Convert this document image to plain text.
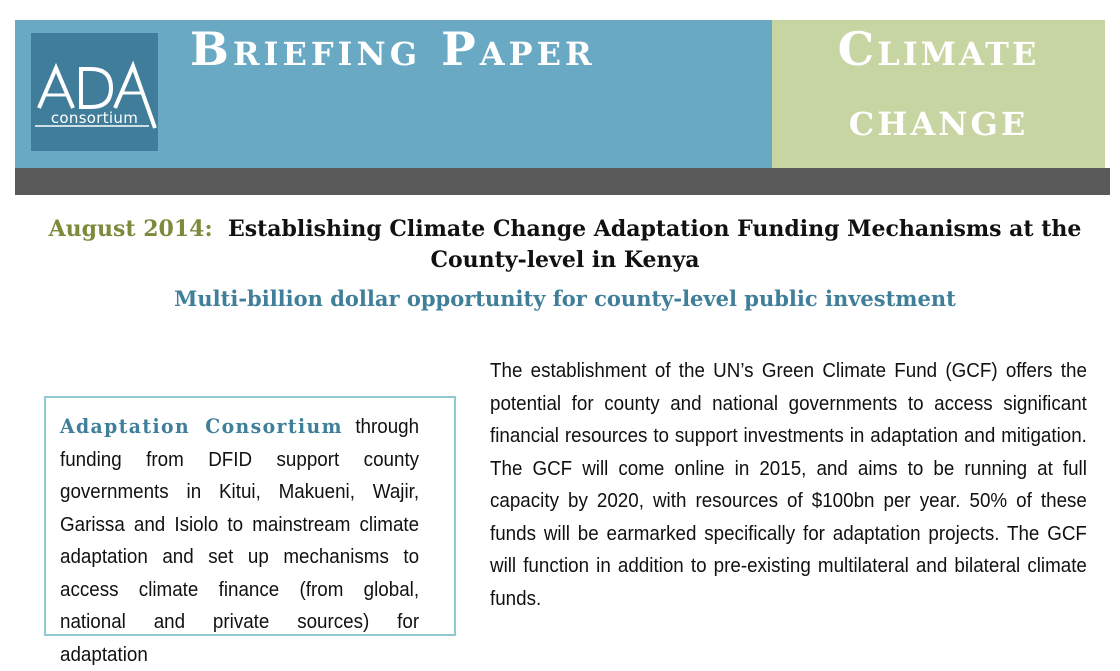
consortium
Briefing Paper	Climate
change
August 2014: Establishing Climate Change Adaptation Funding Mechanisms at the County-level in Kenya
Multi-billion dollar opportunity for county-level public investment

Adaptation Consortium through funding from DFID support county governments in Kitui, Makueni, Wajir, Garissa and Isiolo to mainstream climate adaptation and set up mechanisms to access climate finance (from global, national and private sources) for adaptation

The establishment of the UN’s Green Climate Fund (GCF) offers the potential for county and national governments to access significant financial resources to support investments in adaptation and mitigation. The GCF will come online in 2015, and aims to be running at full capacity by 2020, with resources of $100bn per year. 50% of these funds will be earmarked specifically for adaptation projects. The GCF will function in addition to pre-existing multilateral and bilateral climate funds.
